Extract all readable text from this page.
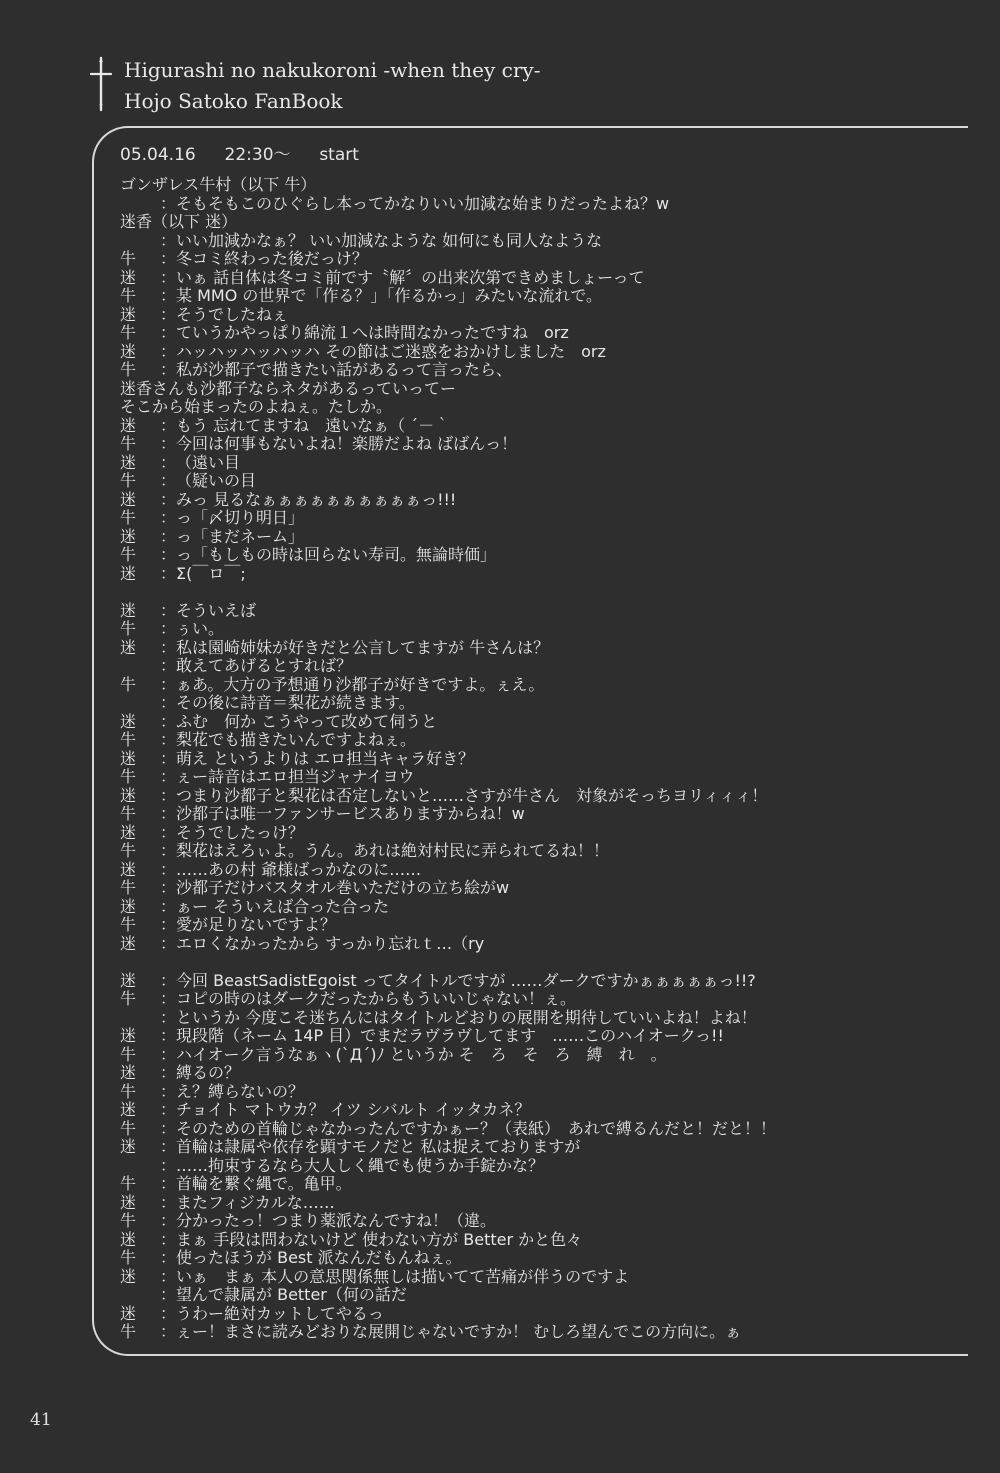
Higurashi no nakukoroni -when they cry-
Hojo Satoko FanBook
05.04.16 22:30～ start
ゴンザレス牛村（以下 牛）
： そもそもこのひぐらし本ってかなりいい加減な始まりだったよね？w
迷香（以下 迷）
： いい加減かなぁ？ いい加減なような 如何にも同人なような
牛	： 冬コミ終わった後だっけ？
迷	： いぁ 話自体は冬コミ前です〝解〞の出来次第できめましょーって
牛	： 某 MMO の世界で「作る？」「作るかっ」みたいな流れで。
迷	： そうでしたねぇ
牛	： ていうかやっぱり綿流１へは時間なかったですね　orz
迷	： ハッハッハッハッハ その節はご迷惑をおかけしました　orz
牛	： 私が沙都子で描きたい話があるって言ったら、
迷香さんも沙都子ならネタがあるっていってー
そこから始まったのよねぇ。たしか。
迷	： もう 忘れてますね　遠いなぁ（ ´－｀
牛	： 今回は何事もないよね！楽勝だよね ばばんっ！
迷	： （遠い目
牛	： （疑いの目
迷	： みっ 見るなぁぁぁぁぁぁぁぁぁぁっ!!!
牛	： っ「〆切り明日」
迷	： っ「まだネーム」
牛	： っ「もしもの時は回らない寿司。無論時価」
迷	： Σ(￣ロ￣;
迷	： そういえば
牛	： ぅい。
迷	： 私は園崎姉妹が好きだと公言してますが 牛さんは？
： 敢えてあげるとすれば？
牛	： ぁあ。大方の予想通り沙都子が好きですよ。ぇえ。
： その後に詩音＝梨花が続きます。
迷	： ふむ　何か こうやって改めて伺うと
牛	： 梨花でも描きたいんですよねぇ。
迷	： 萌え というよりは エロ担当キャラ好き？
牛	： ぇー詩音はエロ担当ジャナイヨウ
迷	： つまり沙都子と梨花は否定しないと……さすが牛さん　対象がそっちヨリィィィ！
牛	： 沙都子は唯一ファンサービスありますからね！w
迷	： そうでしたっけ？
牛	： 梨花はえろぃよ。うん。あれは絶対村民に弄られてるね！！
迷	： ……あの村 爺様ばっかなのに……
牛	： 沙都子だけバスタオル巻いただけの立ち絵がw
迷	： ぁー そういえば合った合った
牛	： 愛が足りないですよ？
迷	： エロくなかったから すっかり忘れｔ…（ry
迷	： 今回 BeastSadistEgoist ってタイトルですが ……ダークですかぁぁぁぁぁっ!!?
牛	： コピの時のはダークだったからもういいじゃない！ぇ。
： というか 今度こそ迷ちんにはタイトルどおりの展開を期待していいよね！よね！
迷	： 現段階（ネーム 14P 目）でまだラヴラヴしてます　……このハイオークっ!!
牛	： ハイオーク言うなぁヽ(`Д´)ﾉ というか そ　ろ　そ　ろ　縛　れ　。
迷	： 縛るの？
牛	： え？縛らないの？
迷	： チョイト マトウカ？ イツ シバルト イッタカネ？
牛	： そのための首輪じゃなかったんですかぁー？（表紙）　あれで縛るんだと！だと！！
迷	： 首輪は隷属や依存を顕すモノだと 私は捉えておりますが
： ……拘束するなら大人しく縄でも使うか手錠かな？
牛	： 首輪を繋ぐ縄で。亀甲。
迷	： またフィジカルな……
牛	： 分かったっ！つまり薬派なんですね！（違。
迷	： まぁ 手段は問わないけど 使わない方が Better かと色々
牛	： 使ったほうが Best 派なんだもんねぇ。
迷	： いぁ　まぁ 本人の意思関係無しは描いてて苦痛が伴うのですよ
： 望んで隷属が Better（何の話だ
迷	： うわー絶対カットしてやるっ
牛	： ぇー！まさに読みどおりな展開じゃないですか！ むしろ望んでこの方向に。ぁ
41
